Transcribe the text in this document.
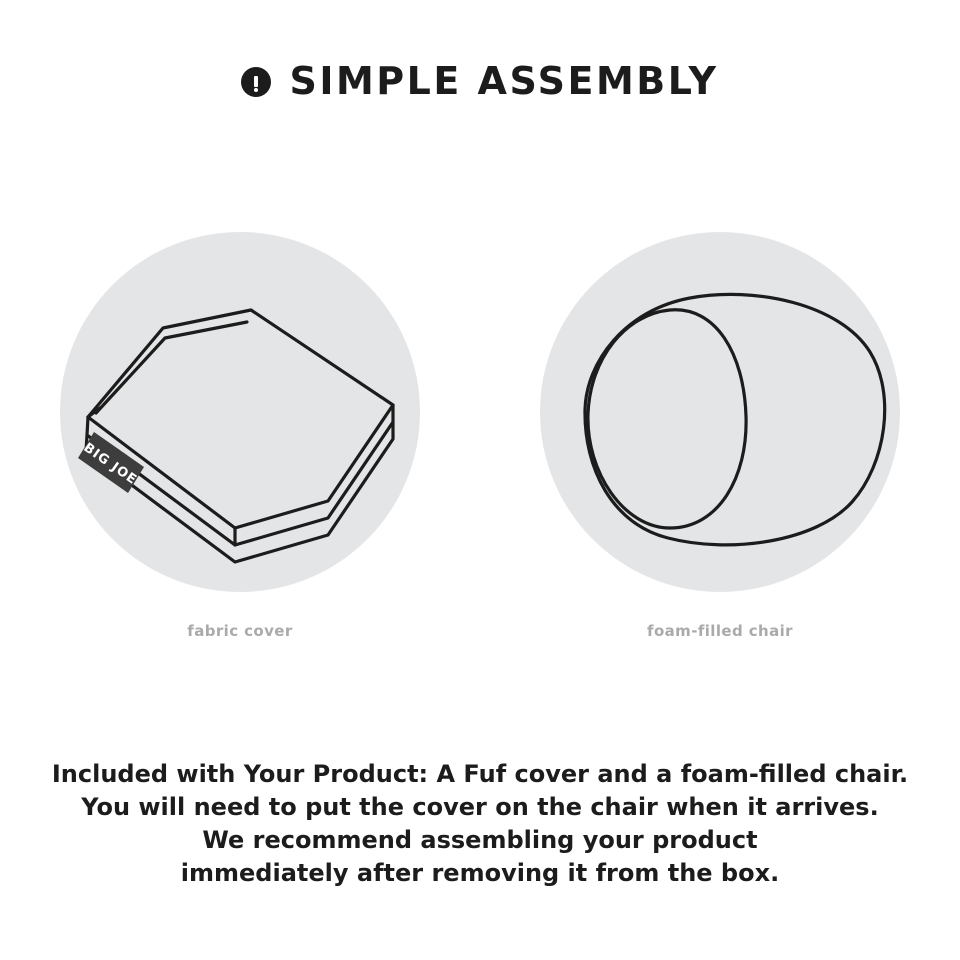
SIMPLE ASSEMBLY
BIG JOE
fabric cover	foam-filled chair
Included with Your Product: A Fuf cover and a foam-filled chair.
You will need to put the cover on the chair when it arrives.
We recommend assembling your product
immediately after removing it from the box.
